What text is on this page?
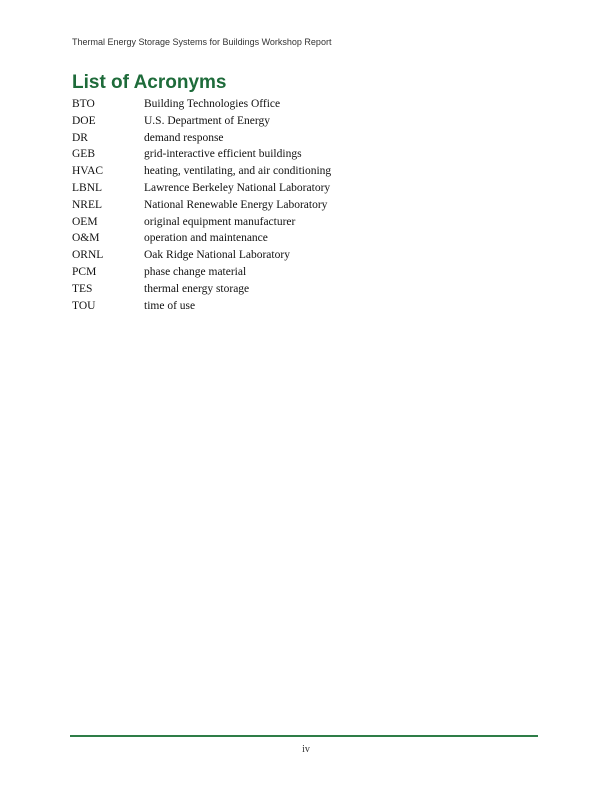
Thermal Energy Storage Systems for Buildings Workshop Report
List of Acronyms
BTO	Building Technologies Office
DOE	U.S. Department of Energy
DR	demand response
GEB	grid-interactive efficient buildings
HVAC	heating, ventilating, and air conditioning
LBNL	Lawrence Berkeley National Laboratory
NREL	National Renewable Energy Laboratory
OEM	original equipment manufacturer
O&M	operation and maintenance
ORNL	Oak Ridge National Laboratory
PCM	phase change material
TES	thermal energy storage
TOU	time of use
iv
